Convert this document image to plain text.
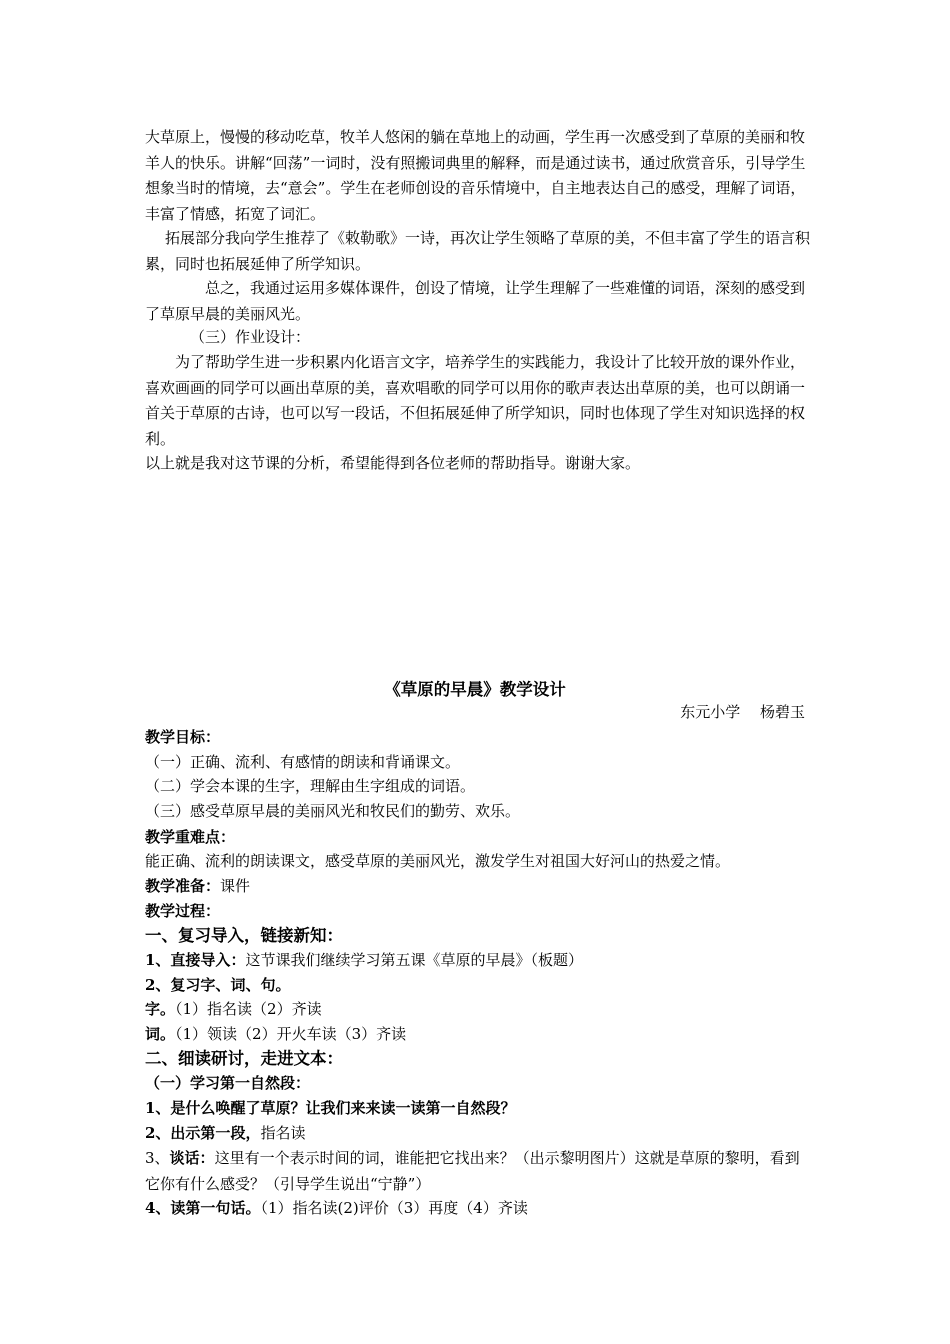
大草原上，慢慢的移动吃草，牧羊人悠闲的躺在草地上的动画，学生再一次感受到了草原的美丽和牧羊人的快乐。讲解“回荡”一词时，没有照搬词典里的解释，而是通过读书，通过欣赏音乐，引导学生想象当时的情境，去“意会”。学生在老师创设的音乐情境中，自主地表达自己的感受，理解了词语，丰富了情感，拓宽了词汇。
拓展部分我向学生推荐了《敕勒歌》一诗，再次让学生领略了草原的美，不但丰富了学生的语言积累，同时也拓展延伸了所学知识。
总之，我通过运用多媒体课件，创设了情境，让学生理解了一些难懂的词语，深刻的感受到了草原早晨的美丽风光。
（三）作业设计：
为了帮助学生进一步积累内化语言文字，培养学生的实践能力，我设计了比较开放的课外作业，喜欢画画的同学可以画出草原的美，喜欢唱歌的同学可以用你的歌声表达出草原的美，也可以朗诵一首关于草原的古诗，也可以写一段话，不但拓展延伸了所学知识，同时也体现了学生对知识选择的权利。
以上就是我对这节课的分析，希望能得到各位老师的帮助指导。谢谢大家。
《草原的早晨》教学设计
东元小学　 杨碧玉
教学目标：
（一）正确、流利、有感情的朗读和背诵课文。
（二）学会本课的生字，理解由生字组成的词语。
（三）感受草原早晨的美丽风光和牧民们的勤劳、欢乐。
教学重难点：
能正确、流利的朗读课文，感受草原的美丽风光，激发学生对祖国大好河山的热爱之情。
教学准备：课件
教学过程：
一、复习导入，链接新知：
1、直接导入：这节课我们继续学习第五课《草原的早晨》（板题）
2、复习字、词、句。
字。（1）指名读（2）齐读
词。（1）领读（2）开火车读（3）齐读
二、细读研讨，走进文本：
（一）学习第一自然段：
1、是什么唤醒了草原？让我们来来读一读第一自然段？
2、出示第一段，指名读
3、谈话：这里有一个表示时间的词，谁能把它找出来？（出示黎明图片）这就是草原的黎明，看到它你有什么感受？（引导学生说出“宁静”）
4、读第一句话。（1）指名读(2)评价（3）再度（4）齐读
